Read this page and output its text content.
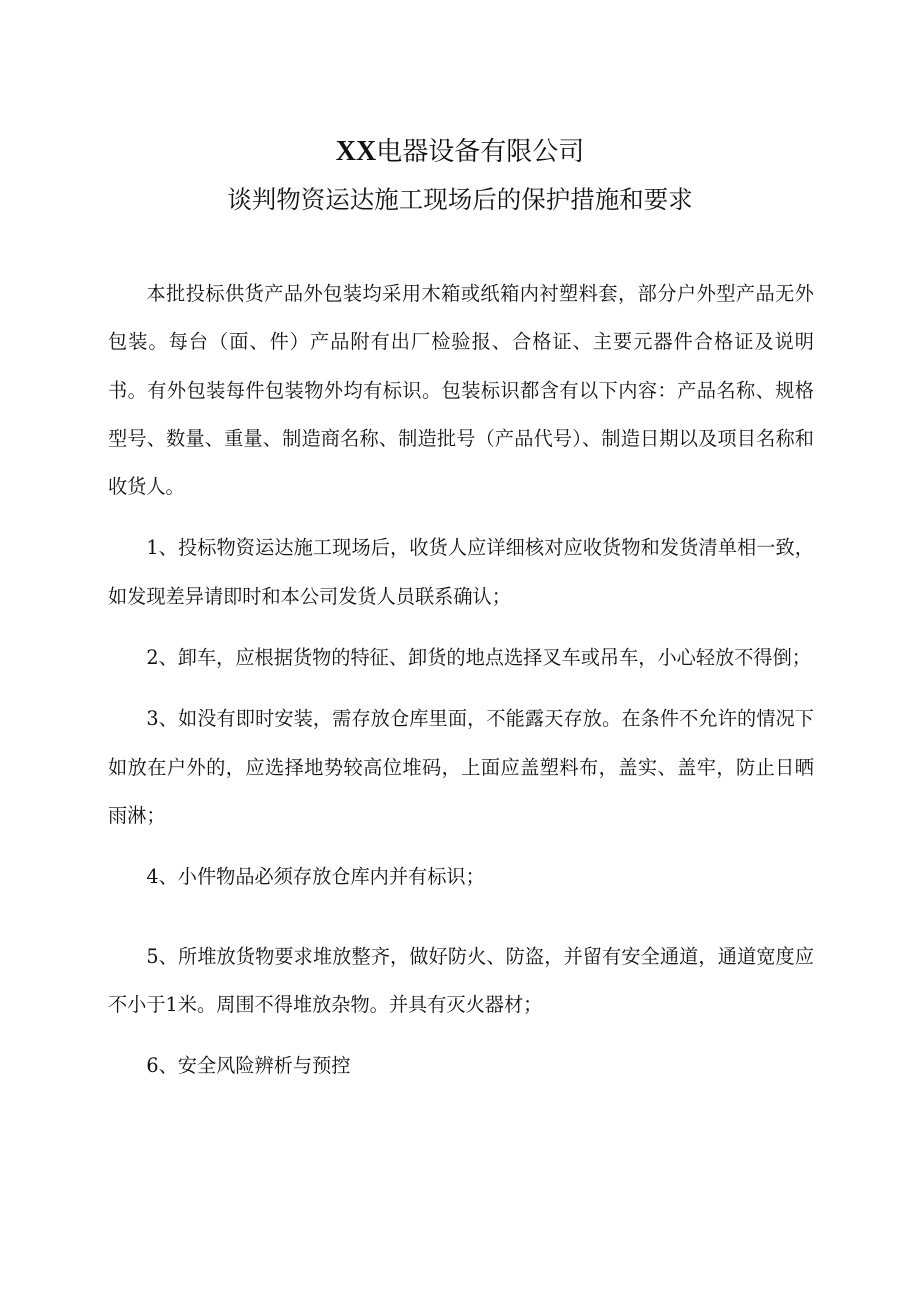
XX电器设备有限公司
谈判物资运达施工现场后的保护措施和要求

本批投标供货产品外包装均采用木箱或纸箱内衬塑料套，部分户外型产品无外包装。每台（面、件）产品附有出厂检验报、合格证、主要元器件合格证及说明书。有外包装每件包装物外均有标识。包装标识都含有以下内容：产品名称、规格型号、数量、重量、制造商名称、制造批号（产品代号）、制造日期以及项目名称和收货人。

1、投标物资运达施工现场后，收货人应详细核对应收货物和发货清单相一致，如发现差异请即时和本公司发货人员联系确认；

2、卸车，应根据货物的特征、卸货的地点选择叉车或吊车，小心轻放不得倒；

3、如没有即时安装，需存放仓库里面，不能露天存放。在条件不允许的情况下如放在户外的，应选择地势较高位堆码，上面应盖塑料布，盖实、盖牢，防止日晒雨淋；

4、小件物品必须存放仓库内并有标识；

5、所堆放货物要求堆放整齐，做好防火、防盗，并留有安全通道，通道宽度应不小于1米。周围不得堆放杂物。并具有灭火器材；

6、安全风险辨析与预控
